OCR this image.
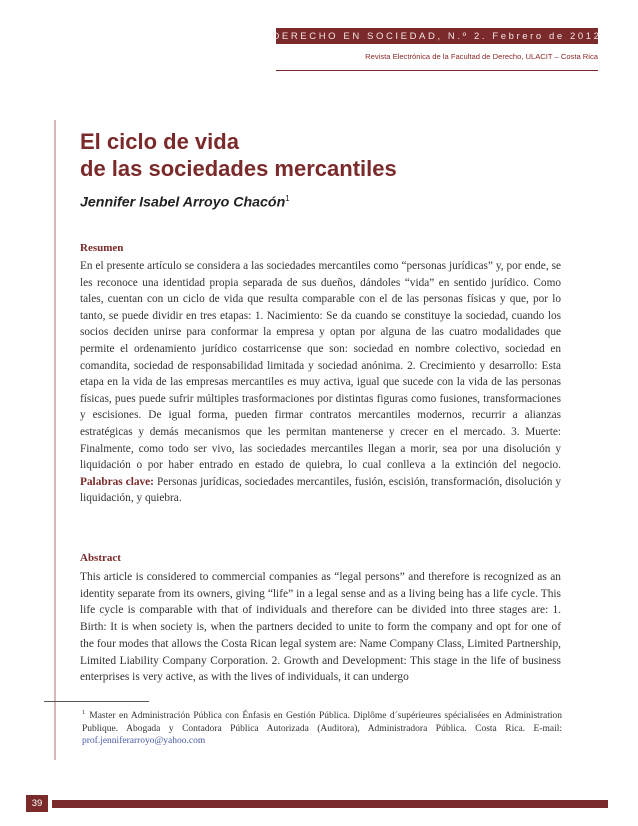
DERECHO EN SOCIEDAD, N.º 2. Febrero de 2012
Revista Electrónica de la Facultad de Derecho, ULACIT – Costa Rica
El ciclo de vida
de las sociedades mercantiles

Jennifer Isabel Arroyo Chacón$^1$

Resumen

En el presente artículo se considera a las sociedades mercantiles como “personas jurídicas” y, por ende, se les reconoce una identidad propia separada de sus dueños, dándoles “vida” en sentido jurídico. Como tales, cuentan con un ciclo de vida que resulta comparable con el de las personas físicas y que, por lo tanto, se puede dividir en tres etapas: 1. Nacimiento: Se da cuando se constituye la sociedad, cuando los socios deciden unirse para conformar la empresa y optan por alguna de las cuatro modalidades que permite el ordenamiento jurídico costarricense que son: sociedad en nombre colectivo, sociedad en comandita, sociedad de responsabilidad limitada y sociedad anónima. 2. Crecimiento y desarrollo: Esta etapa en la vida de las empresas mercantiles es muy activa, igual que sucede con la vida de las personas físicas, pues puede sufrir múltiples trasformaciones por distintas figuras como fusiones, transformaciones y escisiones. De igual forma, pueden firmar contratos mercantiles modernos, recurrir a alianzas estratégicas y demás mecanismos que les permitan mantenerse y crecer en el mercado. 3. Muerte: Finalmente, como todo ser vivo, las sociedades mercantiles llegan a morir, sea por una disolución y liquidación o por haber entrado en estado de quiebra, lo cual conlleva a la extinción del negocio. Palabras clave: Personas jurídicas, sociedades mercantiles, fusión, escisión, transformación, disolución y liquidación, y quiebra.

Abstract

This article is considered to commercial companies as “legal persons” and therefore is recognized as an identity separate from its owners, giving “life” in a legal sense and as a living being has a life cycle. This life cycle is comparable with that of individuals and therefore can be divided into three stages are: 1. Birth: It is when society is, when the partners decided to unite to form the company and opt for one of the four modes that allows the Costa Rican legal system are: Name Company Class, Limited Partnership, Limited Liability Company Corporation. 2. Growth and Development: This stage in the life of business enterprises is very active, as with the lives of individuals, it can undergo

$^1$ Master en Administración Pública con Énfasis en Gestión Pública. Diplôme d´supérieures spécialisées en Administration Publique. Abogada y Contadora Pública Autorizada (Auditora), Administradora Pública. Costa Rica. E-mail: prof.jenniferarroyo@yahoo.com

39
